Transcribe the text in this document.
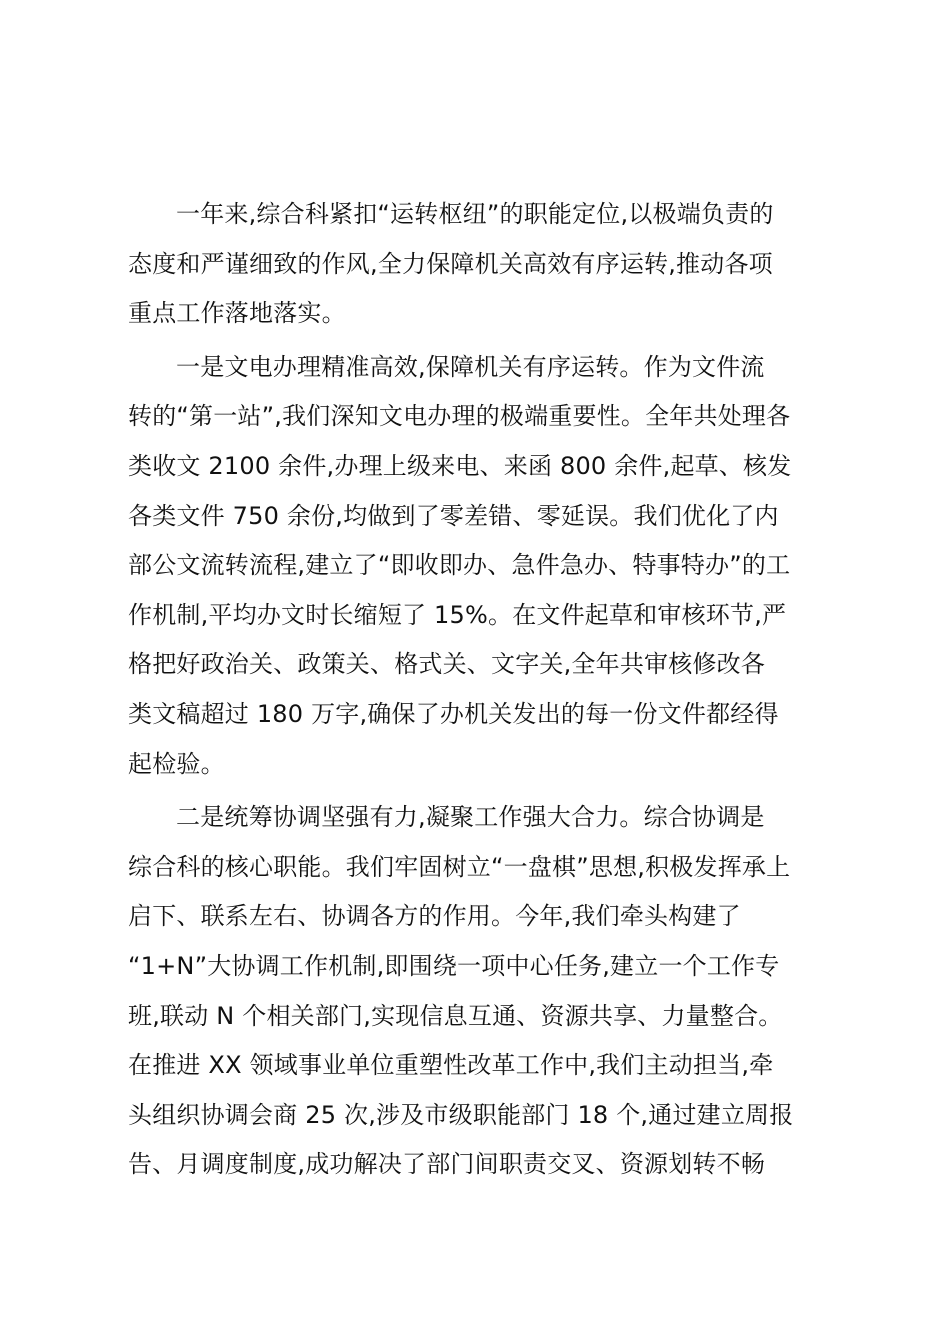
一年来,综合科紧扣“运转枢纽”的职能定位,以极端负责的
态度和严谨细致的作风,全力保障机关高效有序运转,推动各项
重点工作落地落实。
一是文电办理精准高效,保障机关有序运转。作为文件流
转的“第一站”,我们深知文电办理的极端重要性。全年共处理各
类收文 2100 余件,办理上级来电、来函 800 余件,起草、核发
各类文件 750 余份,均做到了零差错、零延误。我们优化了内
部公文流转流程,建立了“即收即办、急件急办、特事特办”的工
作机制,平均办文时长缩短了 15%。在文件起草和审核环节,严
格把好政治关、政策关、格式关、文字关,全年共审核修改各
类文稿超过 180 万字,确保了办机关发出的每一份文件都经得
起检验。
二是统筹协调坚强有力,凝聚工作强大合力。综合协调是
综合科的核心职能。我们牢固树立“一盘棋”思想,积极发挥承上
启下、联系左右、协调各方的作用。今年,我们牵头构建了
“1+N”大协调工作机制,即围绕一项中心任务,建立一个工作专
班,联动 N 个相关部门,实现信息互通、资源共享、力量整合。
在推进 XX 领域事业单位重塑性改革工作中,我们主动担当,牵
头组织协调会商 25 次,涉及市级职能部门 18 个,通过建立周报
告、月调度制度,成功解决了部门间职责交叉、资源划转不畅
